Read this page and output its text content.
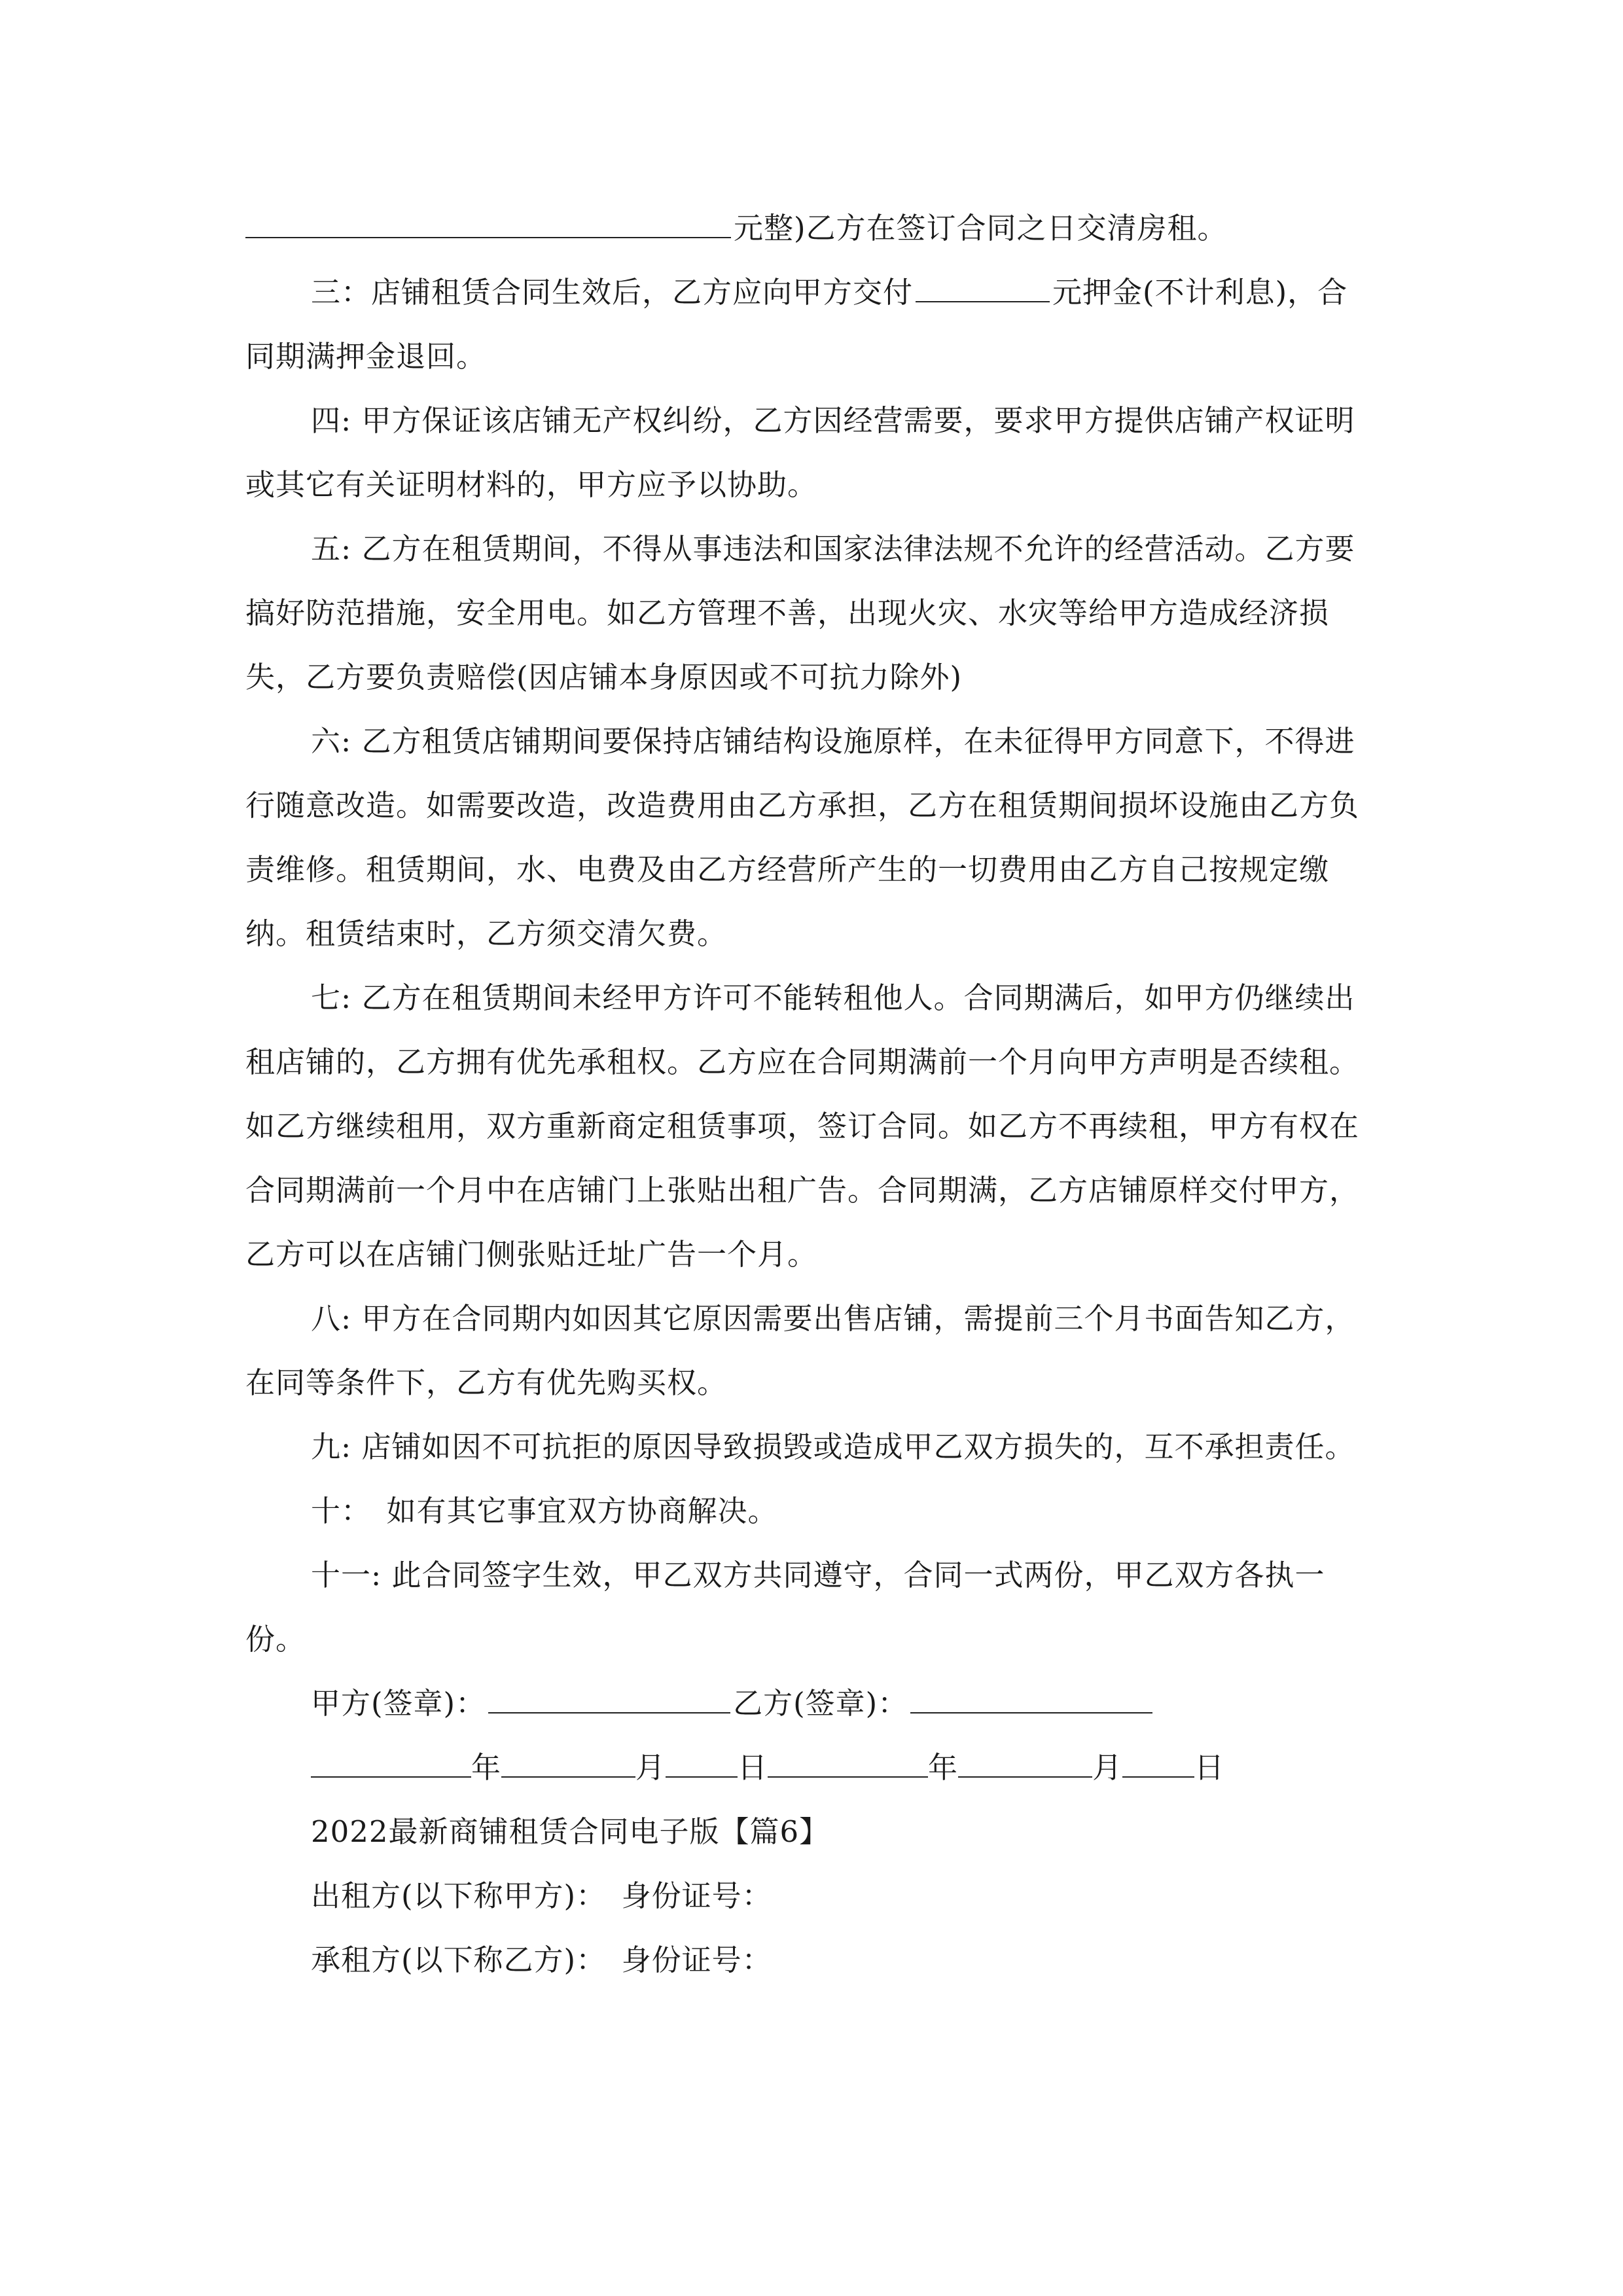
元整)乙方在签订合同之日交清房租。

三：店铺租赁合同生效后，乙方应向甲方交付	元押金(不计利息)，合同期满押金退回。

四: 甲方保证该店铺无产权纠纷，乙方因经营需要，要求甲方提供店铺产权证明或其它有关证明材料的，甲方应予以协助。

五: 乙方在租赁期间，不得从事违法和国家法律法规不允许的经营活动。乙方要搞好防范措施，安全用电。如乙方管理不善，出现火灾、水灾等给甲方造成经济损失，乙方要负责赔偿(因店铺本身原因或不可抗力除外)

六: 乙方租赁店铺期间要保持店铺结构设施原样，在未征得甲方同意下，不得进行随意改造。如需要改造，改造费用由乙方承担，乙方在租赁期间损坏设施由乙方负责维修。租赁期间，水、电费及由乙方经营所产生的一切费用由乙方自己按规定缴纳。租赁结束时，乙方须交清欠费。

七: 乙方在租赁期间未经甲方许可不能转租他人。合同期满后，如甲方仍继续出租店铺的，乙方拥有优先承租权。乙方应在合同期满前一个月向甲方声明是否续租。如乙方继续租用，双方重新商定租赁事项，签订合同。如乙方不再续租，甲方有权在合同期满前一个月中在店铺门上张贴出租广告。合同期满，乙方店铺原样交付甲方，乙方可以在店铺门侧张贴迁址广告一个月。

八: 甲方在合同期内如因其它原因需要出售店铺，需提前三个月书面告知乙方，在同等条件下，乙方有优先购买权。

九: 店铺如因不可抗拒的原因导致损毁或造成甲乙双方损失的，互不承担责任。

十：　如有其它事宜双方协商解决。

十一: 此合同签字生效，甲乙双方共同遵守，合同一式两份，甲乙双方各执一份。

甲方(签章)：	乙方(签章)：

年	月 日	年	月 日

2022最新商铺租赁合同电子版【篇6】

出租方(以下称甲方)：　身份证号：

承租方(以下称乙方)：　身份证号：
